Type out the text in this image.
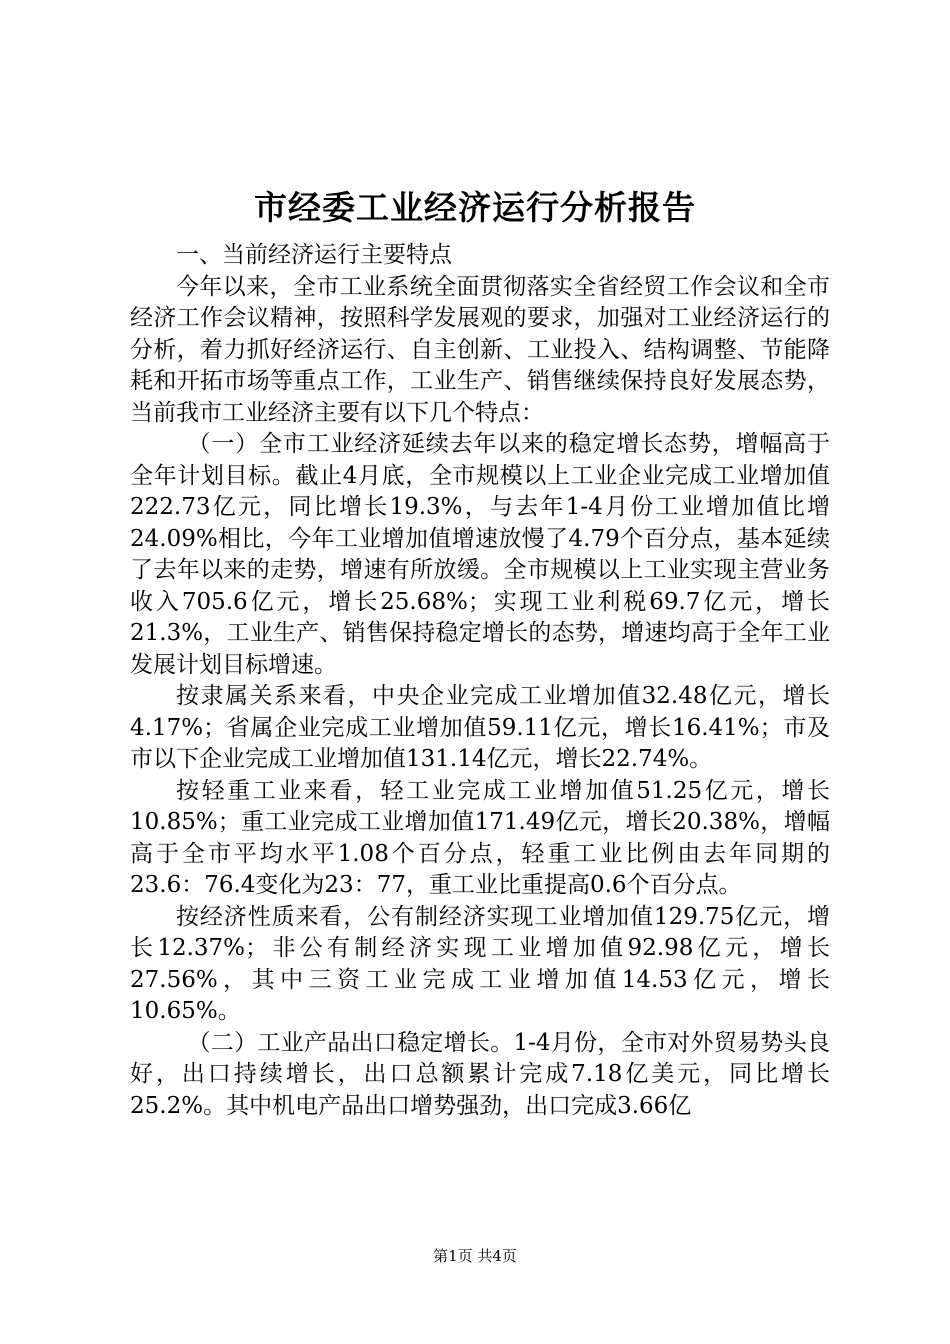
市经委工业经济运行分析报告

一、当前经济运行主要特点

今年以来，全市工业系统全面贯彻落实全省经贸工作会议和全市经济工作会议精神，按照科学发展观的要求，加强对工业经济运行的分析，着力抓好经济运行、自主创新、工业投入、结构调整、节能降耗和开拓市场等重点工作，工业生产、销售继续保持良好发展态势，当前我市工业经济主要有以下几个特点：

（一）全市工业经济延续去年以来的稳定增长态势，增幅高于全年计划目标。截止4月底，全市规模以上工业企业完成工业增加值222.73亿元，同比增长19.3%，与去年1-4月份工业增加值比增24.09%相比，今年工业增加值增速放慢了4.79个百分点，基本延续了去年以来的走势，增速有所放缓。全市规模以上工业实现主营业务收入705.6亿元，增长25.68%；实现工业利税69.7亿元，增长21.3%，工业生产、销售保持稳定增长的态势，增速均高于全年工业发展计划目标增速。

按隶属关系来看，中央企业完成工业增加值32.48亿元，增长4.17%；省属企业完成工业增加值59.11亿元，增长16.41%；市及市以下企业完成工业增加值131.14亿元，增长22.74%。

按轻重工业来看，轻工业完成工业增加值51.25亿元，增长10.85%；重工业完成工业增加值171.49亿元，增长20.38%，增幅高于全市平均水平1.08个百分点，轻重工业比例由去年同期的23.6：76.4变化为23：77，重工业比重提高0.6个百分点。

按经济性质来看，公有制经济实现工业增加值129.75亿元，增长12.37%；非公有制经济实现工业增加值92.98亿元，增长27.56%，其中三资工业完成工业增加值14.53亿元，增长10.65%。

（二）工业产品出口稳定增长。1-4月份，全市对外贸易势头良好，出口持续增长，出口总额累计完成7.18亿美元，同比增长25.2%。其中机电产品出口增势强劲，出口完成3.66亿

第1页 共4页
